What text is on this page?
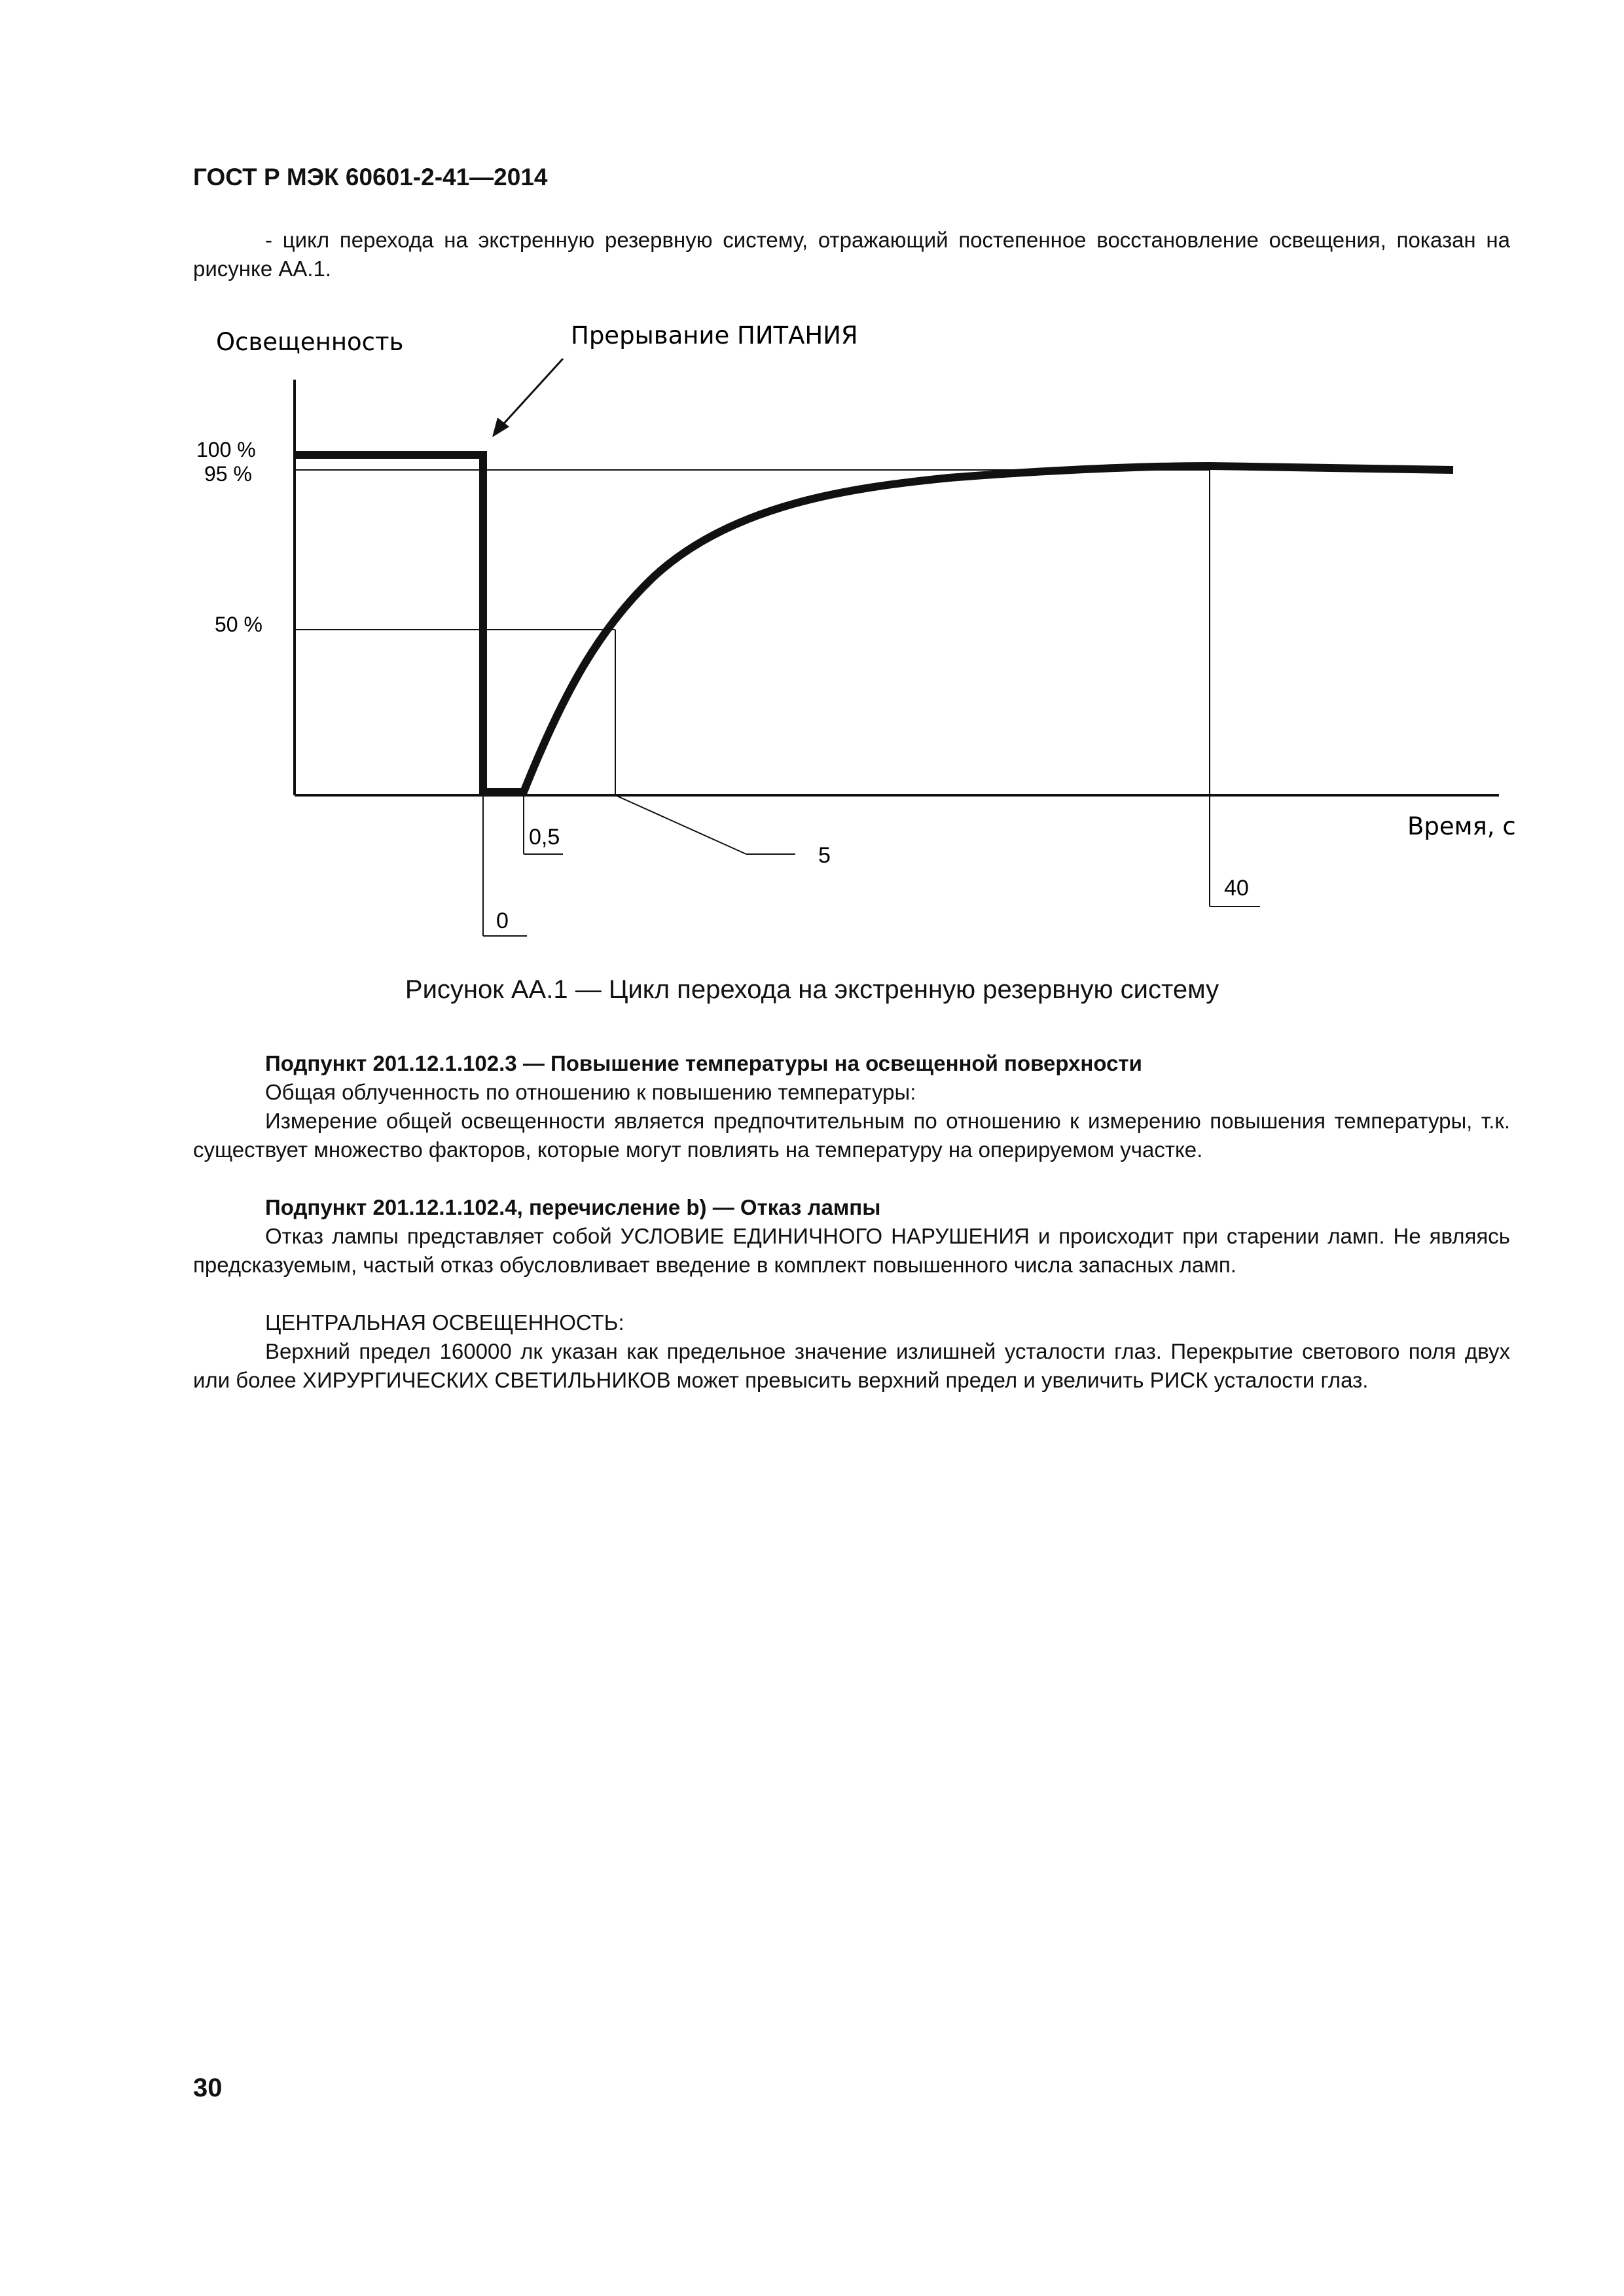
ГОСТ Р МЭК 60601-2-41—2014

- цикл перехода на экстренную резервную систему, отражающий постепенное восстановление освещения, показан на рисунке АА.1.

Освещенность	Прерывание ПИТАНИЯ
100 %
95 %
50 %
Время, с
0
0,5
5
40
Рисунок АА.1 — Цикл перехода на экстренную резервную систему

Подпункт 201.12.1.102.3 — Повышение температуры на освещенной поверхности

Общая облученность по отношению к повышению температуры:

Измерение общей освещенности является предпочтительным по отношению к измерению повышения температуры, т.к. существует множество факторов, которые могут повлиять на температуру на оперируемом участке.

Подпункт 201.12.1.102.4, перечисление b) — Отказ лампы

Отказ лампы представляет собой УСЛОВИЕ ЕДИНИЧНОГО НАРУШЕНИЯ и происходит при старении ламп. Не являясь предсказуемым, частый отказ обусловливает введение в комплект повышенного числа запасных ламп.

ЦЕНТРАЛЬНАЯ ОСВЕЩЕННОСТЬ:

Верхний предел 160000 лк указан как предельное значение излишней усталости глаз. Перекрытие светового поля двух или более ХИРУРГИЧЕСКИХ СВЕТИЛЬНИКОВ может превысить верхний предел и увеличить РИСК усталости глаз.

30
